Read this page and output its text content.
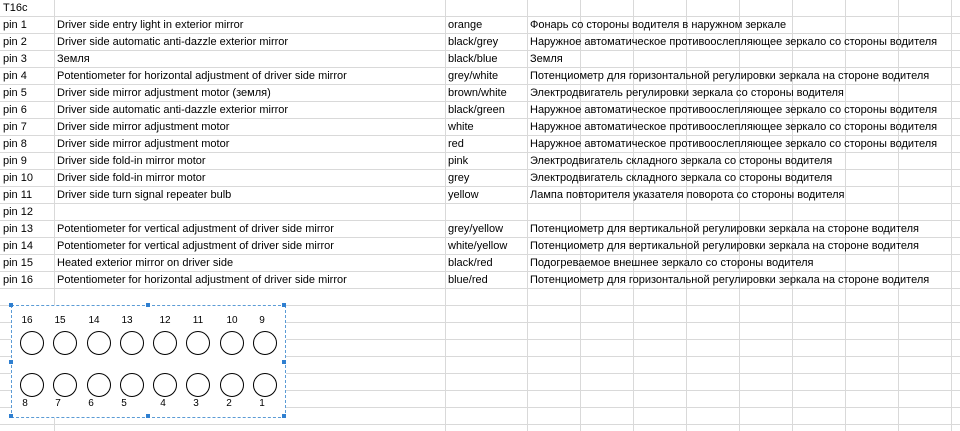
T16c
pin 1	Driver side entry light in exterior mirror	orange	Фонарь со стороны водителя в наружном зеркале
pin 2	Driver side automatic anti-dazzle exterior mirror	black/grey	Наружное автоматическое противоослепляющее зеркало со стороны водителя
pin 3	Земля	black/blue	Земля
pin 4	Potentiometer for horizontal adjustment of driver side mirror	grey/white	Потенциометр для горизонтальной регулировки зеркала на стороне водителя
pin 5	Driver side mirror adjustment motor (земля)	brown/white Электродвигатель регулировки зеркала со стороны водителя
pin 6	Driver side automatic anti-dazzle exterior mirror	black/green Наружное автоматическое противоослепляющее зеркало со стороны водителя
pin 7	Driver side mirror adjustment motor	white	Наружное автоматическое противоослепляющее зеркало со стороны водителя
pin 8	Driver side mirror adjustment motor	red	Наружное автоматическое противоослепляющее зеркало со стороны водителя
pin 9	Driver side fold-in mirror motor	pink	Электродвигатель складного зеркала со стороны водителя
pin 10 Driver side fold-in mirror motor	grey	Электродвигатель складного зеркала со стороны водителя
pin 11 Driver side turn signal repeater bulb	yellow	Лампа повторителя указателя поворота со стороны водителя
pin 12
pin 13 Potentiometer for vertical adjustment of driver side mirror	grey/yellow Потенциометр для вертикальной регулировки зеркала на стороне водителя
pin 14 Potentiometer for vertical adjustment of driver side mirror	white/yellow Потенциометр для вертикальной регулировки зеркала на стороне водителя
pin 15 Heated exterior mirror on driver side	black/red	Подогреваемое внешнее зеркало со стороны водителя
pin 16 Potentiometer for horizontal adjustment of driver side mirror	blue/red	Потенциометр для горизонтальной регулировки зеркала на стороне водителя
16 15 14 13	12 11 10	9
8	7	6	5	4	3	2	1
